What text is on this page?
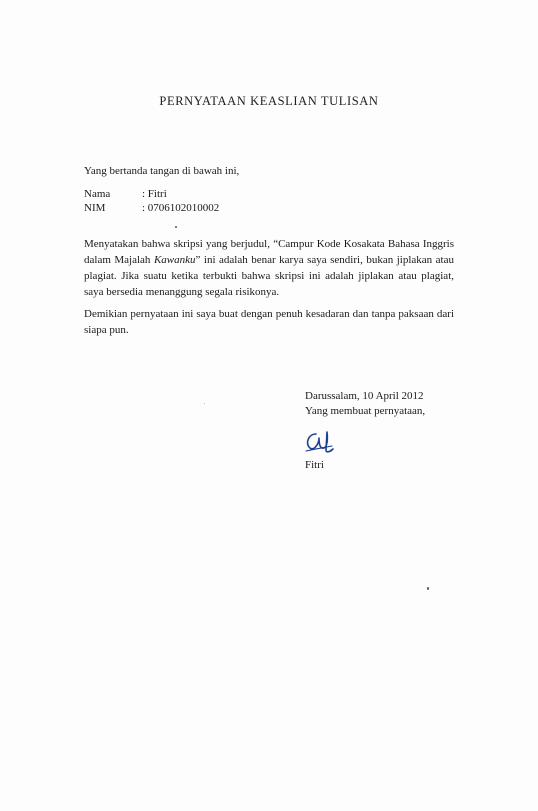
PERNYATAAN KEASLIAN TULISAN
Yang bertanda tangan di bawah ini,
Nama	: Fitri
NIM	: 0706102010002
Menyatakan bahwa skripsi yang berjudul, “Campur Kode Kosakata Bahasa Inggris dalam Majalah Kawanku” ini adalah benar karya saya sendiri, bukan jiplakan atau plagiat. Jika suatu ketika terbukti bahwa skripsi ini adalah jiplakan atau plagiat, saya bersedia menanggung segala risikonya.
Demikian pernyataan ini saya buat dengan penuh kesadaran dan tanpa paksaan dari siapa pun.
Darussalam, 10 April 2012
Yang membuat pernyataan,
Fitri
